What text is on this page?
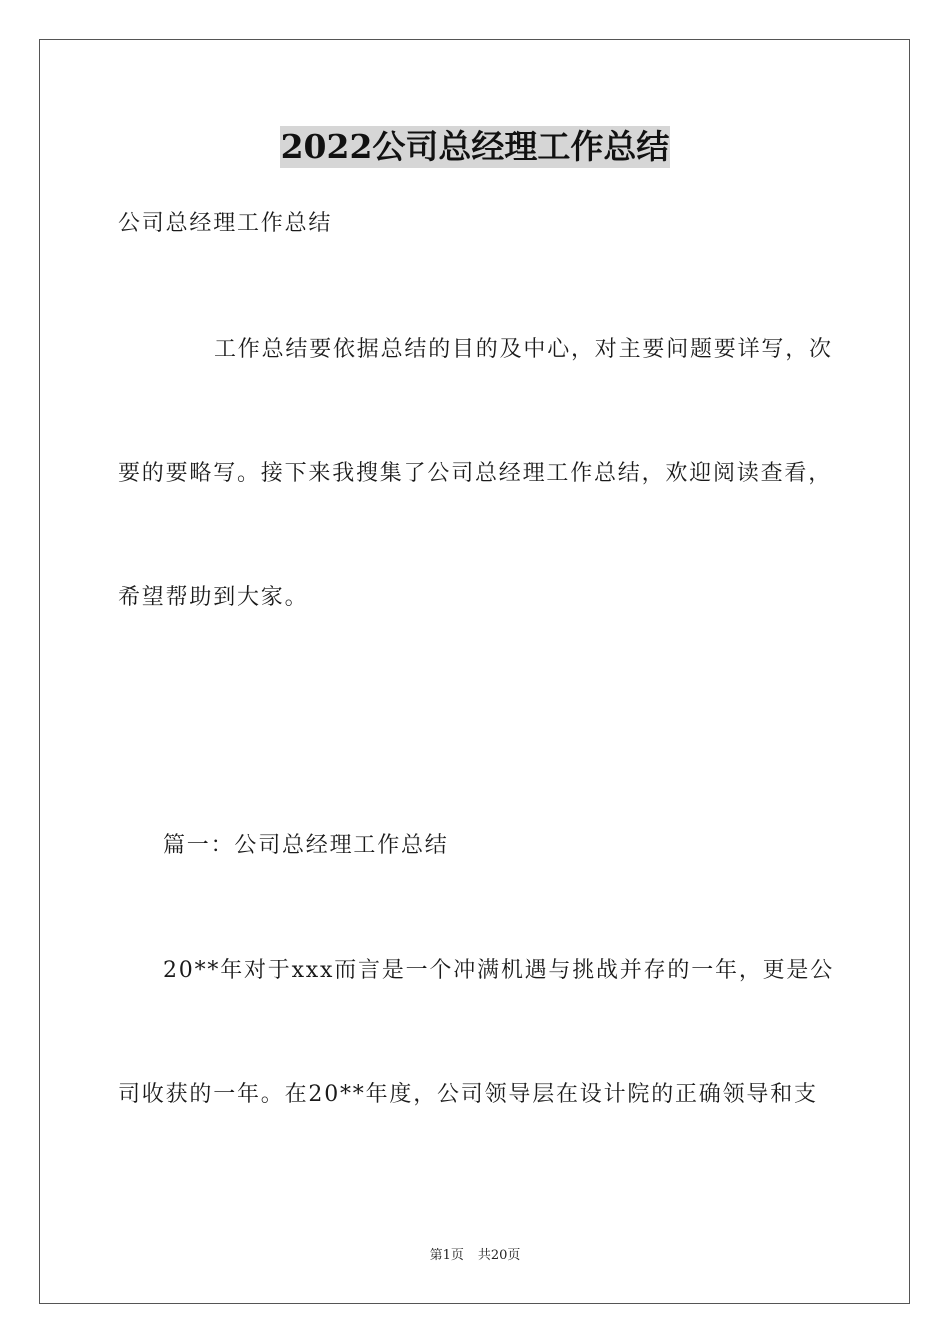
2022公司总经理工作总结
公司总经理工作总结
工作总结要依据总结的目的及中心，对主要问题要详写，次
要的要略写。接下来我搜集了公司总经理工作总结，欢迎阅读查看，
希望帮助到大家。
篇一：公司总经理工作总结
20**年对于xxx而言是一个冲满机遇与挑战并存的一年，更是公
司收获的一年。在20**年度，公司领导层在设计院的正确领导和支
第1页 共20页
